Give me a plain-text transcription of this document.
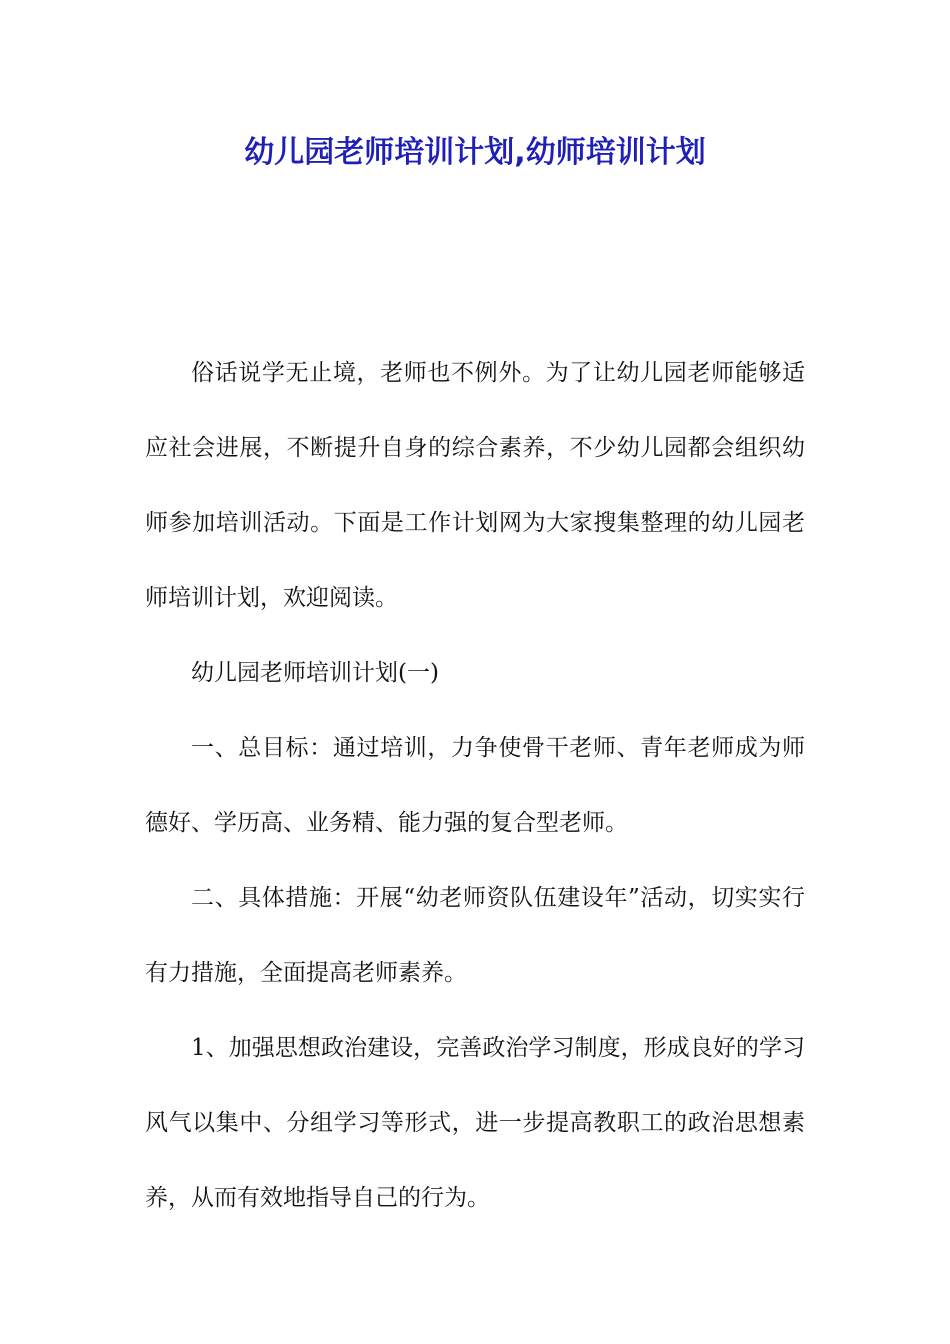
幼儿园老师培训计划,幼师培训计划

俗话说学无止境，老师也不例外。为了让幼儿园老师能够适应社会进展，不断提升自身的综合素养，不少幼儿园都会组织幼师参加培训活动。下面是工作计划网为大家搜集整理的幼儿园老师培训计划，欢迎阅读。

幼儿园老师培训计划(一)

一、总目标：通过培训，力争使骨干老师、青年老师成为师德好、学历高、业务精、能力强的复合型老师。

二、具体措施：开展“幼老师资队伍建设年”活动，切实实行有力措施，全面提高老师素养。

1、加强思想政治建设，完善政治学习制度，形成良好的学习风气以集中、分组学习等形式，进一步提高教职工的政治思想素养，从而有效地指导自己的行为。
